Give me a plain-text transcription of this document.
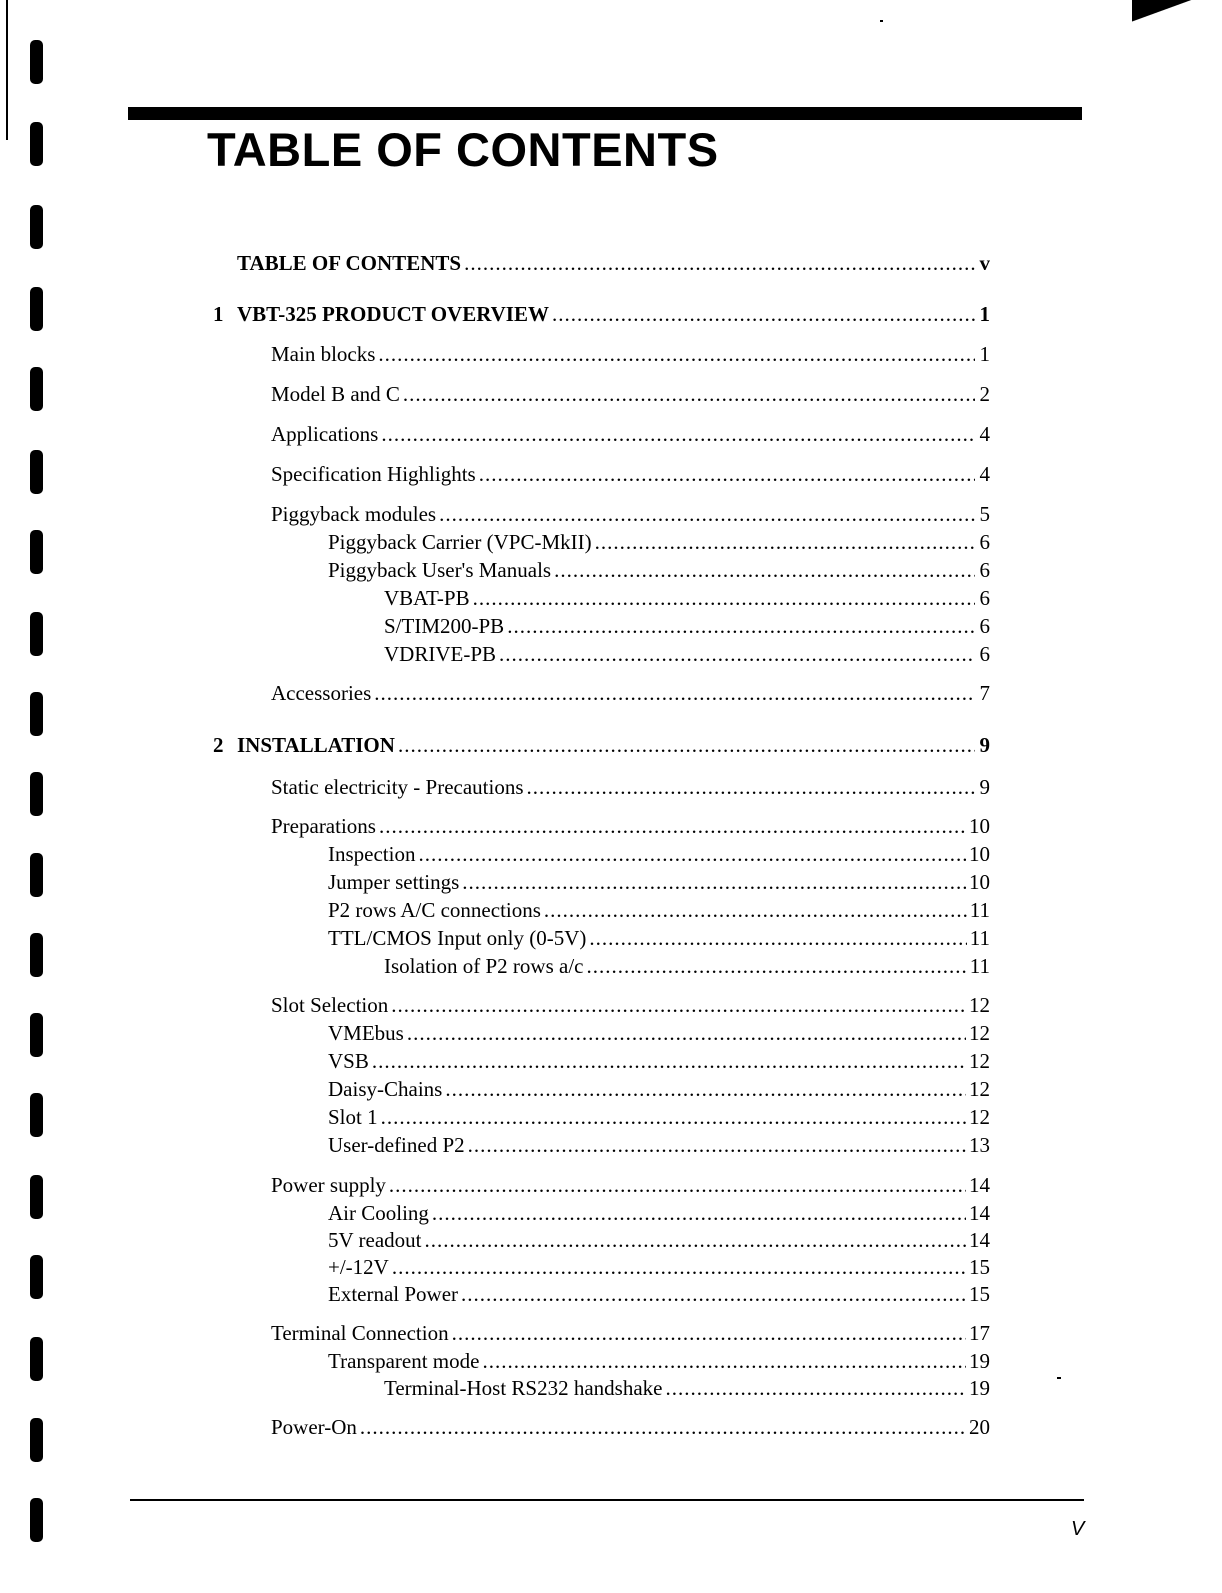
TABLE OF CONTENTS
TABLE OF CONTENTS .....	v
1 VBT-325 PRODUCT OVERVIEW .....	1
Main blocks .....	1
Model B and C .....	2
Applications .....	4
Specification Highlights .....	4
Piggyback modules .....	5
Piggyback Carrier (VPC-MkII) .....	6
Piggyback User's Manuals .....	6
VBAT-PB .....	6
S/TIM200-PB .....	6
VDRIVE-PB .....	6
Accessories .....	7
2 INSTALLATION .....	9
Static electricity - Precautions .....	9
Preparations .....	10
Inspection .....	10
Jumper settings .....	10
P2 rows A/C connections .....	11
TTL/CMOS Input only (0-5V) .....	11
Isolation of P2 rows a/c .....	11
Slot Selection .....	12
VMEbus .....	12
VSB .....	12
Daisy-Chains .....	12
Slot 1 .....	12
User-defined P2 .....	13
Power supply .....	14
Air Cooling .....	14
5V readout .....	14
+/-12V .....	15
External Power .....	15
Terminal Connection .....	17
Transparent mode .....	19
Terminal-Host RS232 handshake .....	19
Power-On .....	20
V
